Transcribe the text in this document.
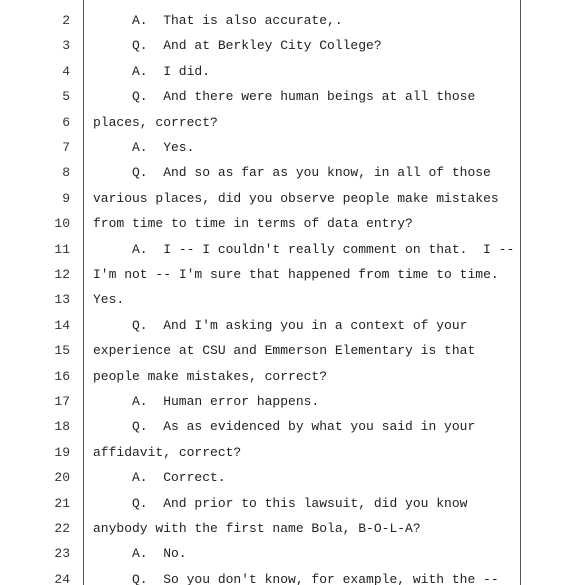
2	A.  That is also accurate,.
3	Q.  And at Berkley City College?
4	A.  I did.
5	Q.  And there were human beings at all those
6 places, correct?
7	A.  Yes.
8	Q.  And so as far as you know, in all of those
9 various places, did you observe people make mistakes
10 from time to time in terms of data entry?
11	A.  I -- I couldn't really comment on that.  I --
12 I'm not -- I'm sure that happened from time to time.
13 Yes.
14	Q.  And I'm asking you in a context of your
15 experience at CSU and Emmerson Elementary is that
16 people make mistakes, correct?
17	A.  Human error happens.
18	Q.  As as evidenced by what you said in your
19 affidavit, correct?
20	A.  Correct.
21	Q.  And prior to this lawsuit, did you know
22 anybody with the first name Bola, B-O-L-A?
23	A.  No.
24	Q.  So you don't know, for example, with the --
